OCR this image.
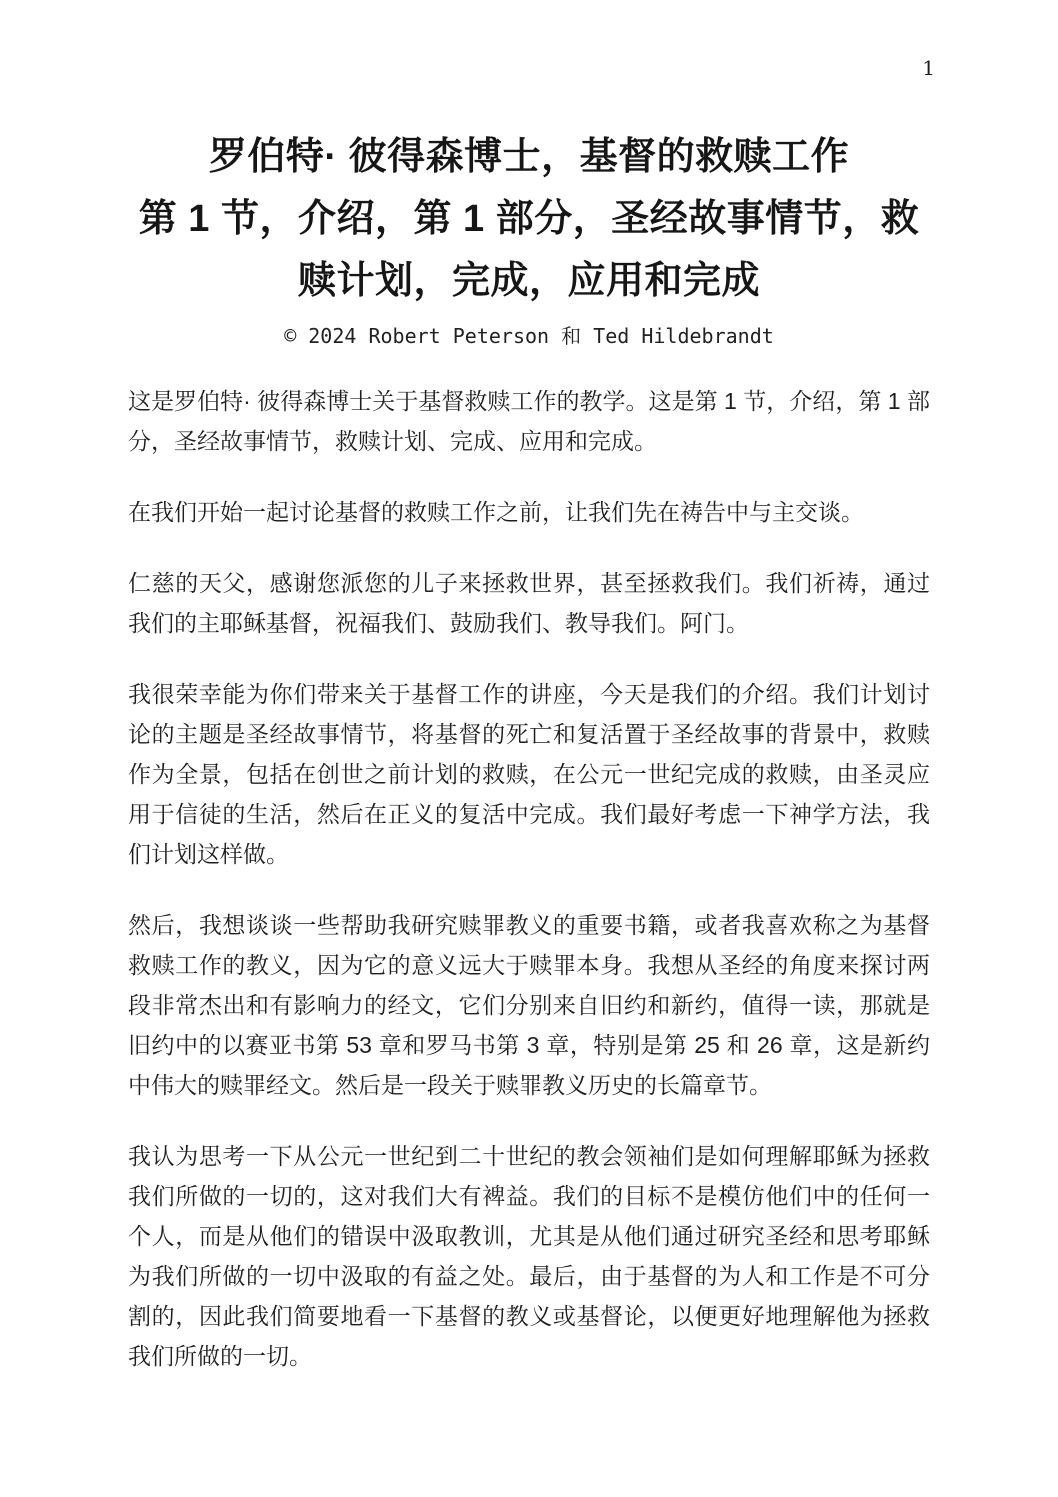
1
罗伯特· 彼得森博士，基督的救赎工作
第 1 节，介绍，第 1 部分，圣经故事情节，救
赎计划，完成，应用和完成
© 2024 Robert Peterson 和 Ted Hildebrandt

这是罗伯特· 彼得森博士关于基督救赎工作的教学。这是第 1 节，介绍，第 1 部分，圣经故事情节，救赎计划、完成、应用和完成。

在我们开始一起讨论基督的救赎工作之前，让我们先在祷告中与主交谈。

仁慈的天父，感谢您派您的儿子来拯救世界，甚至拯救我们。我们祈祷，通过我们的主耶稣基督，祝福我们、鼓励我们、教导我们。阿门。

我很荣幸能为你们带来关于基督工作的讲座，今天是我们的介绍。我们计划讨论的主题是圣经故事情节，将基督的死亡和复活置于圣经故事的背景中，救赎作为全景，包括在创世之前计划的救赎，在公元一世纪完成的救赎，由圣灵应用于信徒的生活，然后在正义的复活中完成。我们最好考虑一下神学方法，我们计划这样做。

然后，我想谈谈一些帮助我研究赎罪教义的重要书籍，或者我喜欢称之为基督救赎工作的教义，因为它的意义远大于赎罪本身。我想从圣经的角度来探讨两段非常杰出和有影响力的经文，它们分别来自旧约和新约，值得一读，那就是旧约中的以赛亚书第 53 章和罗马书第 3 章，特别是第 25 和 26 章，这是新约中伟大的赎罪经文。然后是一段关于赎罪教义历史的长篇章节。

我认为思考一下从公元一世纪到二十世纪的教会领袖们是如何理解耶稣为拯救我们所做的一切的，这对我们大有裨益。我们的目标不是模仿他们中的任何一个人，而是从他们的错误中汲取教训，尤其是从他们通过研究圣经和思考耶稣为我们所做的一切中汲取的有益之处。最后，由于基督的为人和工作是不可分割的，因此我们简要地看一下基督的教义或基督论，以便更好地理解他为拯救我们所做的一切。
